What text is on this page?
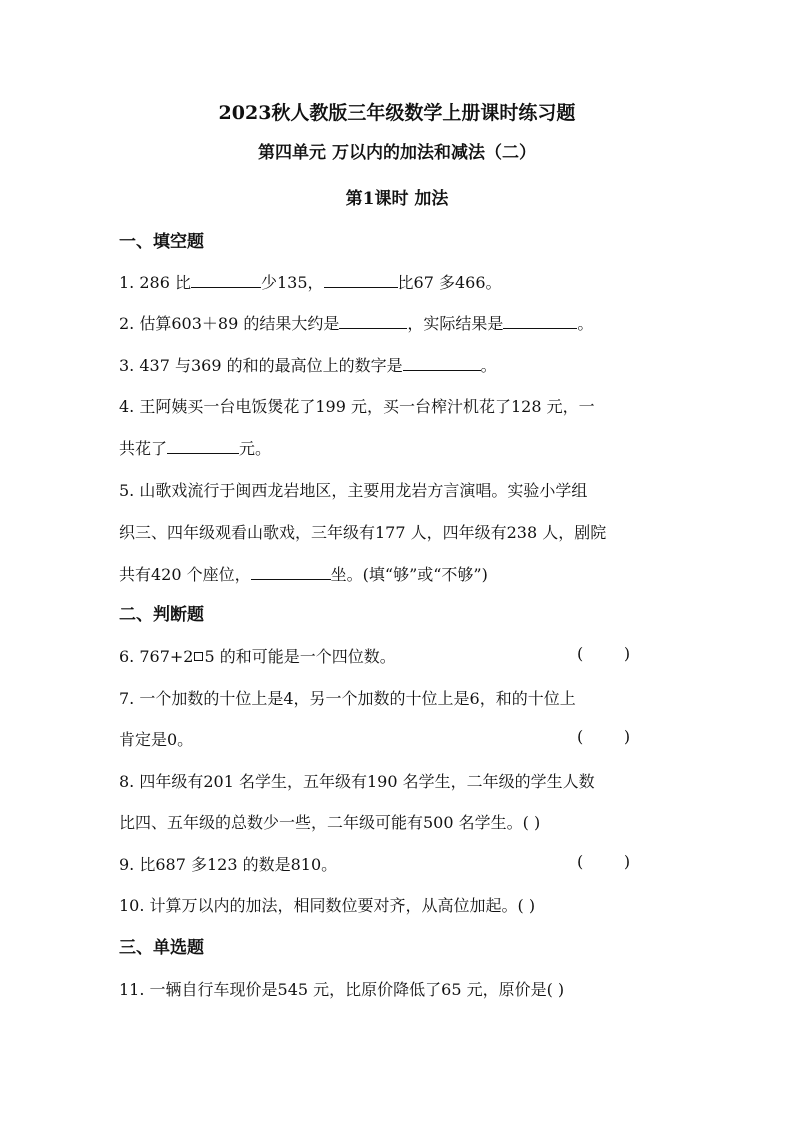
2023秋人教版三年级数学上册课时练习题
第四单元 万以内的加法和减法（二）
第1课时 加法
一、填空题
1. 286 比	少135，	比67 多466。
2. 估算603＋89 的结果大约是	，实际结果是	。
3. 437 与369 的和的最高位上的数字是	。
4. 王阿姨买一台电饭煲花了199 元，买一台榨汁机花了128 元，一
共花了	元。
5. 山歌戏流行于闽西龙岩地区，主要用龙岩方言演唱。实验小学组
织三、四年级观看山歌戏，三年级有177 人，四年级有238 人，剧院
共有420 个座位，	坐。(填“够”或“不够”)
二、判断题
6. 767+2 5 的和可能是一个四位数。	(        )
7. 一个加数的十位上是4，另一个加数的十位上是6，和的十位上
肯定是0。	(        )
8. 四年级有201 名学生，五年级有190 名学生，二年级的学生人数
比四、五年级的总数少一些，二年级可能有500 名学生。( )
9. 比687 多123 的数是810。	(        )
10. 计算万以内的加法，相同数位要对齐，从高位加起。( )
三、单选题
11. 一辆自行车现价是545 元，比原价降低了65 元，原价是( )
